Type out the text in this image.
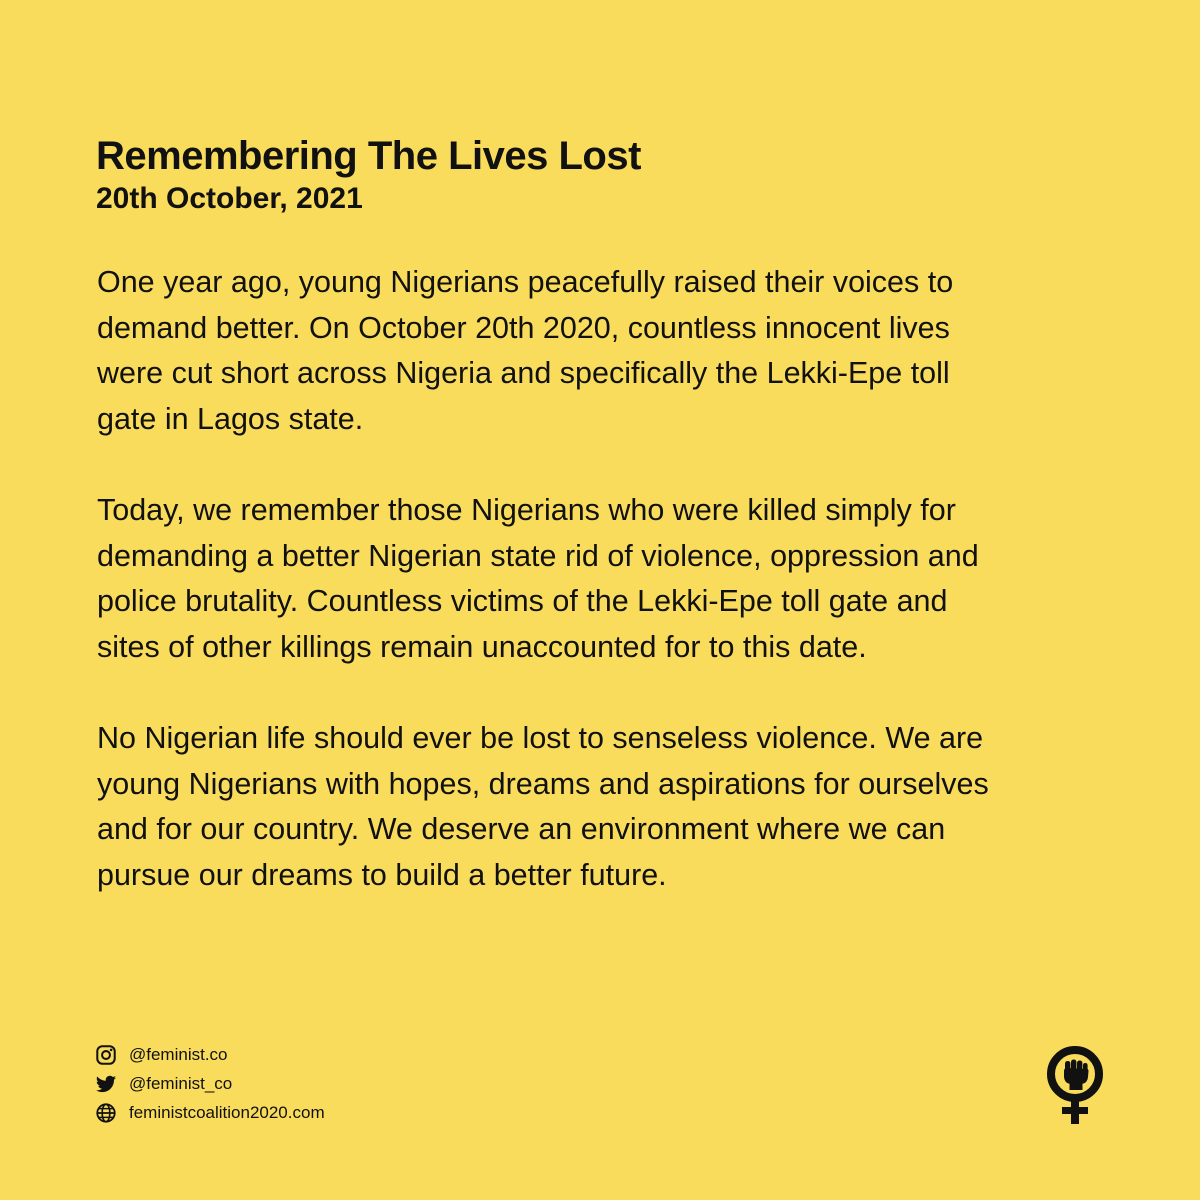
Remembering The Lives Lost
20th October, 2021

One year ago, young Nigerians peacefully raised their voices to
demand better. On October 20th 2020, countless innocent lives
were cut short across Nigeria and specifically the Lekki-Epe toll
gate in Lagos state.

Today, we remember those Nigerians who were killed simply for
demanding a better Nigerian state rid of violence, oppression and
police brutality. Countless victims of the Lekki-Epe toll gate and
sites of other killings remain unaccounted for to this date.

No Nigerian life should ever be lost to senseless violence. We are
young Nigerians with hopes, dreams and aspirations for ourselves
and for our country. We deserve an environment where we can
pursue our dreams to build a better future.

@feminist.co
@feminist_co
feministcoalition2020.com
